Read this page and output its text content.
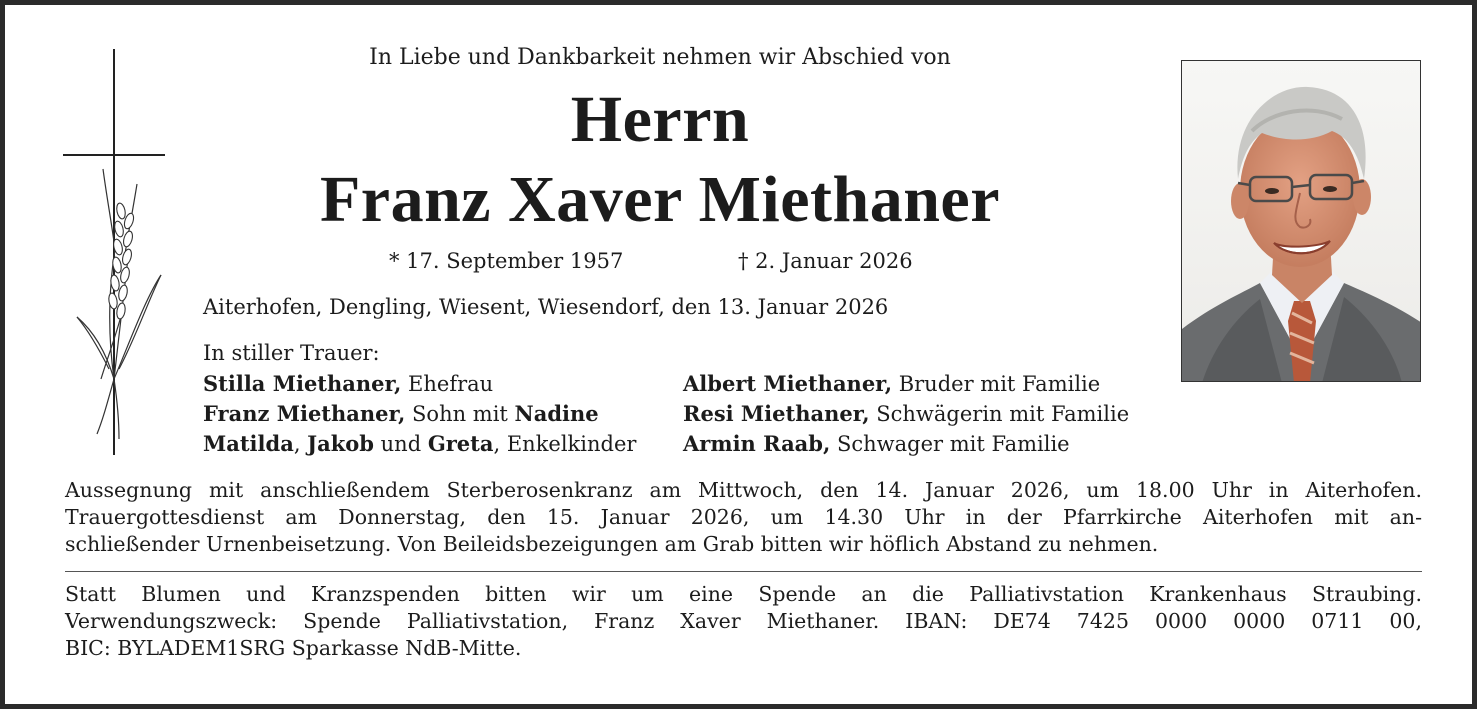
In Liebe und Dankbarkeit nehmen wir Abschied von
Herrn
Franz Xaver Miethaner
* 17. September 1957	† 2. Januar 2026
Aiterhofen, Dengling, Wiesent, Wiesendorf, den 13. Januar 2026
In stiller Trauer:
Stilla Miethaner, Ehefrau
Franz Miethaner, Sohn mit Nadine
Matilda, Jakob und Greta, Enkelkinder
Albert Miethaner, Bruder mit Familie
Resi Miethaner, Schwägerin mit Familie
Armin Raab, Schwager mit Familie
Aussegnung mit anschließendem Sterberosenkranz am Mittwoch, den 14. Januar 2026, um 18.00 Uhr in Aiterhofen.
Trauergottesdienst am Donnerstag, den 15. Januar 2026, um 14.30 Uhr in der Pfarrkirche Aiterhofen mit an-
schließender Urnenbeisetzung. Von Beileidsbezeigungen am Grab bitten wir höflich Abstand zu nehmen.
Statt Blumen und Kranzspenden bitten wir um eine Spende an die Palliativstation Krankenhaus Straubing.
Verwendungszweck: Spende Palliativstation, Franz Xaver Miethaner. IBAN: DE74 7425 0000 0000 0711 00,
BIC: BYLADEM1SRG Sparkasse NdB-Mitte.
